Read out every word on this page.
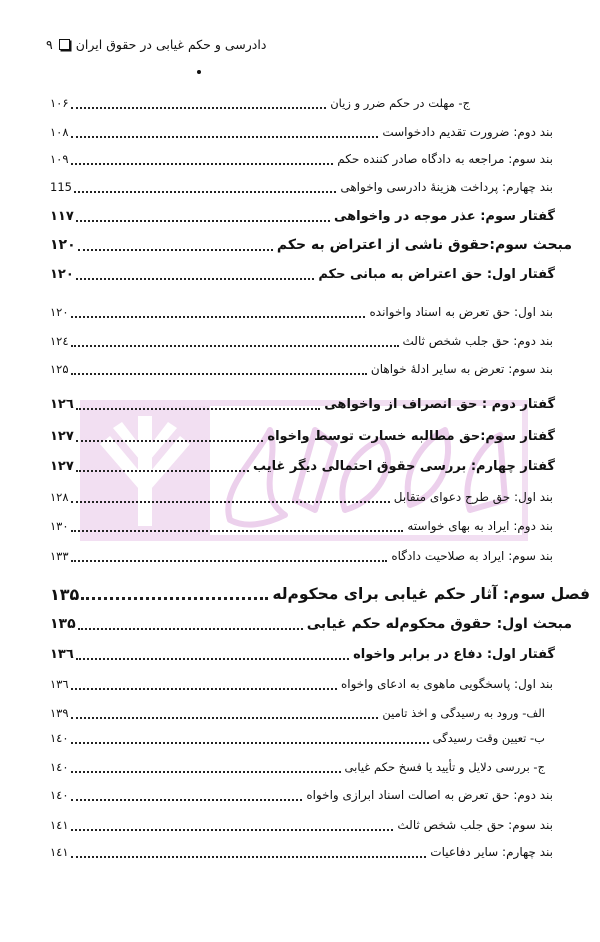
۹ دادرسی و حکم غیابی در حقوق ایران
ج- مهلت در حکم ضرر و زیان
۱۰۶
بند دوم: ضرورت تقدیم دادخواست
۱۰۸
بند سوم: مراجعه به دادگاه صادر کننده حکم
۱۰۹
بند چهارم: پرداخت هزینهٔ دادرسی واخواهی
115
گفتار سوم: عذر موجه در واخواهی
۱۱۷
مبحث سوم:حقوق ناشی از اعتراض به حکم
۱۲۰
گفتار اول: حق اعتراض به مبانی حکم
۱۲۰
بند اول: حق تعرض به اسناد واخوانده
۱۲۰
بند دوم: حق جلب شخص ثالث
۱۲٤
بند سوم: تعرض به سایر ادلهٔ خواهان
۱۲۵
گفتار دوم : حق انصراف از واخواهی
۱۲٦
گفتار سوم:حق مطالبه خسارت توسط واخواه
۱۲۷
گفتار چهارم: بررسی حقوق احتمالی دیگر غایب
۱۲۷
بند اول: حق طرح دعوای متقابل
۱۲۸
بند دوم: ایراد به بهای خواسته
۱۳۰
بند سوم: ایراد به صلاحیت دادگاه
۱۳۳
فصل سوم: آثار حکم غیابی برای محکوم‌له
۱۳۵
مبحث اول: حقوق محکوم‌له حکم غیابی
۱۳۵
گفتار اول: دفاع در برابر واخواه
۱۳٦
بند اول: پاسخگویی ماهوی به ادعای واخواه
۱۳٦
الف- ورود به رسیدگی و اخذ تامین
۱۳۹
ب- تعیین وقت رسیدگی
۱٤۰
ج- بررسی دلایل و تأیید یا فسخ حکم غیابی
۱٤۰
بند دوم: حق تعرض به اصالت اسناد ابرازی واخواه
۱٤۰
بند سوم: حق جلب شخص ثالث
۱٤۱
بند چهارم: سایر دفاعیات
۱٤۱
